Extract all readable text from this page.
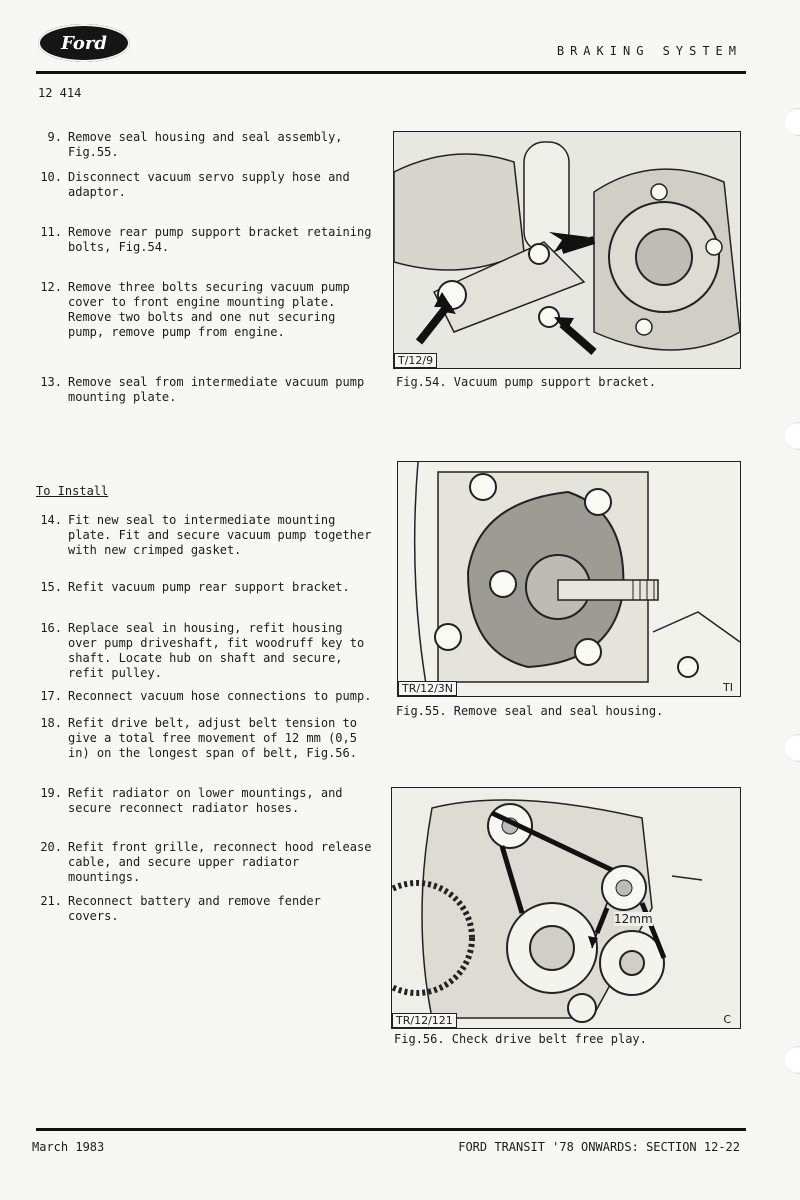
Ford	BRAKING SYSTEM
12 414
9. Remove seal housing and seal assembly, Fig.55.
10. Disconnect vacuum servo supply hose and adaptor.
11. Remove rear pump support bracket retaining bolts, Fig.54.
12. Remove three bolts securing vacuum pump cover to front engine mounting plate. Remove two bolts and one nut securing pump, remove pump from engine.
13. Remove seal from intermediate vacuum pump mounting plate.
To Install
14. Fit new seal to intermediate mounting plate. Fit and secure vacuum pump together with new crimped gasket.
15. Refit vacuum pump rear support bracket.
16. Replace seal in housing, refit housing over pump driveshaft, fit woodruff key to shaft. Locate hub on shaft and secure, refit pulley.
17. Reconnect vacuum hose connections to pump.
18. Refit drive belt, adjust belt tension to give a total free movement of 12 mm (0,5 in) on the longest span of belt, Fig.56.
19. Refit radiator on lower mountings, and secure reconnect radiator hoses.
20. Refit front grille, reconnect hood release cable, and secure upper radiator mountings.
21. Reconnect battery and remove fender covers.
T/12/9
Fig.54. Vacuum pump support bracket.
TR/12/3N	TI
Fig.55. Remove seal and seal housing.
12mm
TR/12/121	C
Fig.56. Check drive belt free play.
March 1983	FORD TRANSIT '78 ONWARDS: SECTION 12-22
